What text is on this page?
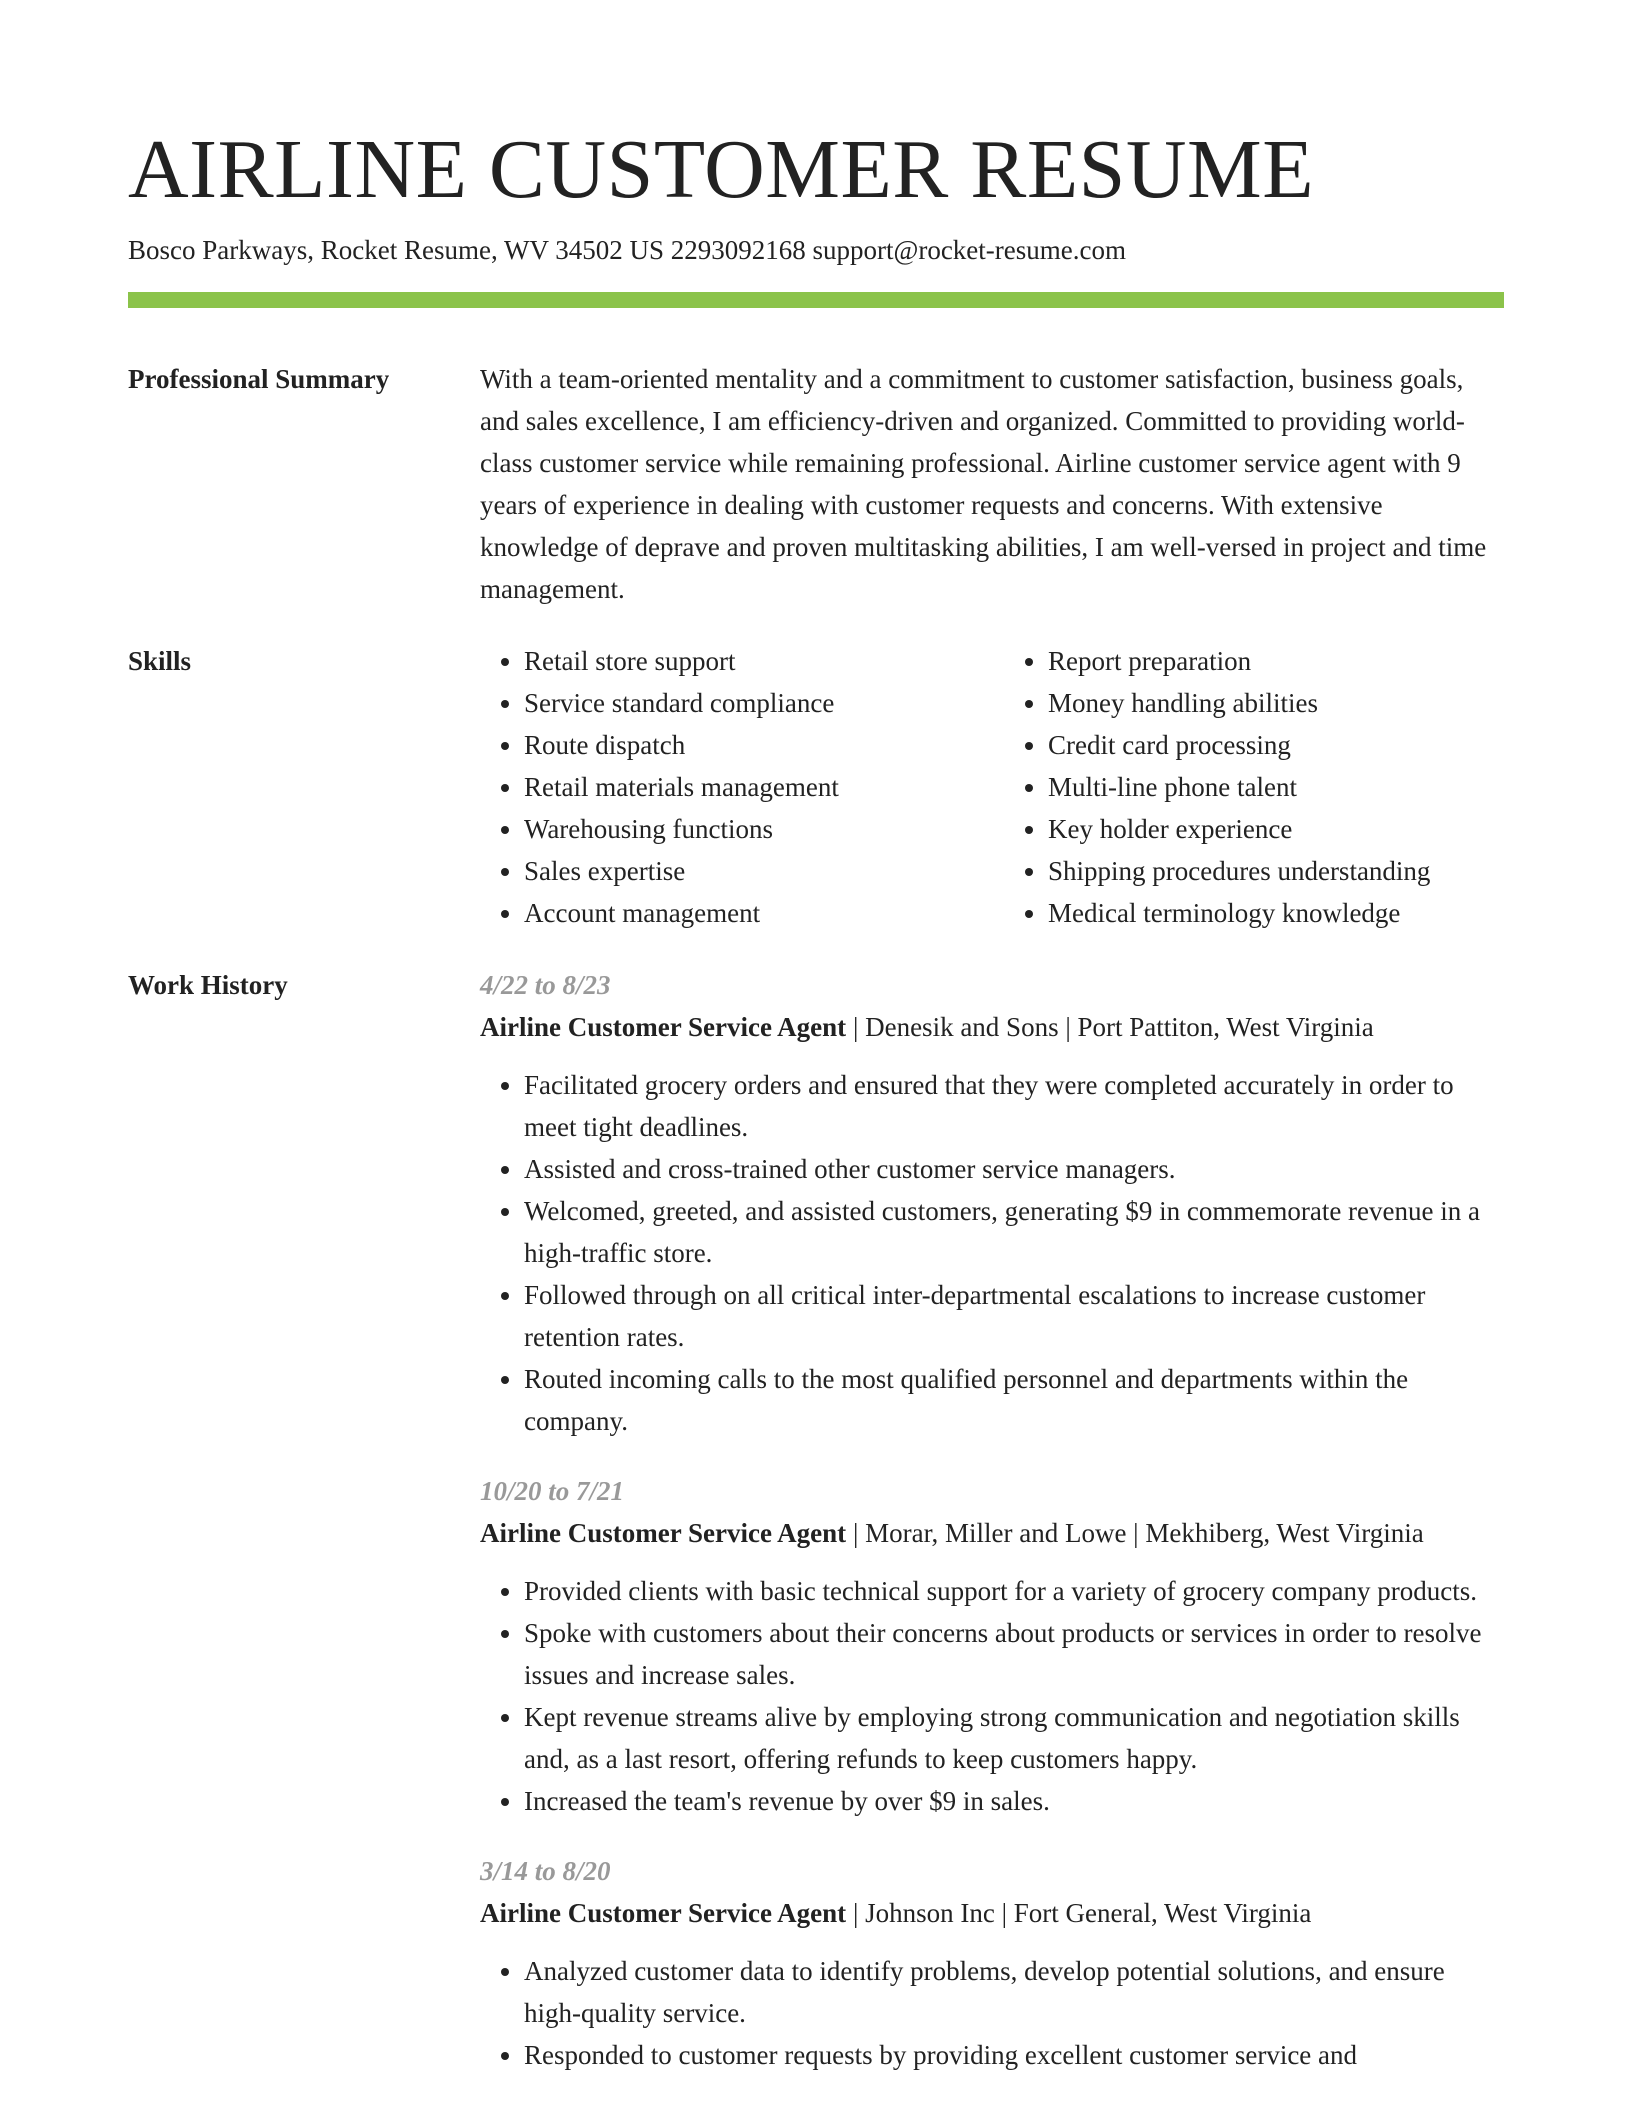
AIRLINE CUSTOMER RESUME
Bosco Parkways, Rocket Resume, WV 34502 US 2293092168 support@rocket-resume.com
Professional Summary	With a team-oriented mentality and a commitment to customer satisfaction, business goals, and sales excellence, I am efficiency-driven and organized. Committed to providing world-class customer service while remaining professional. Airline customer service agent with 9 years of experience in dealing with customer requests and concerns. With extensive knowledge of deprave and proven multitasking abilities, I am well-versed in project and time management.
Skills
•	Retail store support
• Service standard compliance
• Route dispatch
• Retail materials management
• Warehousing functions
• Sales expertise
• Account management
• Report preparation
• Money handling abilities
• Credit card processing
• Multi-line phone talent
• Key holder experience
• Shipping procedures understanding
• Medical terminology knowledge
Work History	4/22 to 8/23
Airline Customer Service Agent | Denesik and Sons | Port Pattiton, West Virginia
• Facilitated grocery orders and ensured that they were completed accurately in order to meet tight deadlines.
• Assisted and cross-trained other customer service managers.
• Welcomed, greeted, and assisted customers, generating $9 in commemorate revenue in a high-traffic store.
• Followed through on all critical inter-departmental escalations to increase customer retention rates.
• Routed incoming calls to the most qualified personnel and departments within the company.
10/20 to 7/21
Airline Customer Service Agent | Morar, Miller and Lowe | Mekhiberg, West Virginia
• Provided clients with basic technical support for a variety of grocery company products.
• Spoke with customers about their concerns about products or services in order to resolve issues and increase sales.
• Kept revenue streams alive by employing strong communication and negotiation skills and, as a last resort, offering refunds to keep customers happy.
• Increased the team's revenue by over $9 in sales.
3/14 to 8/20
Airline Customer Service Agent | Johnson Inc | Fort General, West Virginia
• Analyzed customer data to identify problems, develop potential solutions, and ensure high-quality service.
• Responded to customer requests by providing excellent customer service and
